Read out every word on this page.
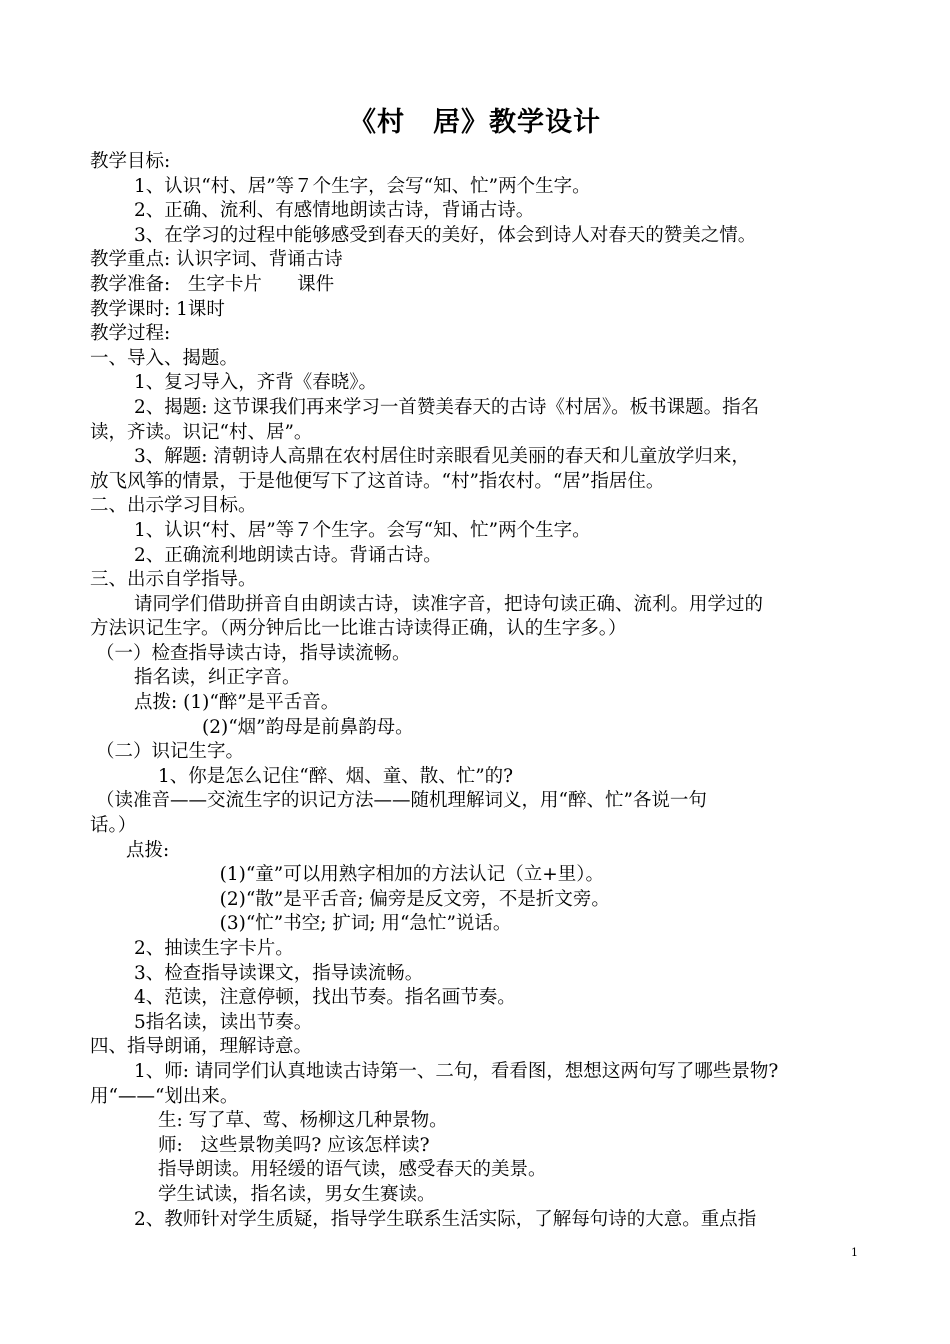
《村　居》教学设计
教学目标:
1、认识“村、居”等７个生字，会写“知、忙”两个生字。
2、正确、流利、有感情地朗读古诗，背诵古诗。
3、在学习的过程中能够感受到春天的美好，体会到诗人对春天的赞美之情。
教学重点: 认识字词、背诵古诗
教学准备:   生字卡片      课件
教学课时: 1课时
教学过程:
一、导入、揭题。
1、复习导入，齐背《春晓》。
2、揭题: 这节课我们再来学习一首赞美春天的古诗《村居》。板书课题。指名
读，齐读。识记“村、居”。
3、解题: 清朝诗人高鼎在农村居住时亲眼看见美丽的春天和儿童放学归来，
放飞风筝的情景，于是他便写下了这首诗。“村”指农村。“居”指居住。
二、出示学习目标。
1、认识“村、居”等７个生字。会写“知、忙”两个生字。
2、正确流利地朗读古诗。背诵古诗。
三、出示自学指导。
请同学们借助拼音自由朗读古诗，读准字音，把诗句读正确、流利。用学过的
方法识记生字。（两分钟后比一比谁古诗读得正确，认的生字多。）
（一）检查指导读古诗，指导读流畅。
指名读，纠正字音。
点拨: (1)“醉”是平舌音。
(2)“烟”韵母是前鼻韵母。
（二）识记生字。
1、你是怎么记住“醉、烟、童、散、忙”的?
（读准音——交流生字的识记方法——随机理解词义，用“醉、忙”各说一句
话。）
点拨:
(1)“童”可以用熟字相加的方法认记（立+里）。
(2)“散”是平舌音; 偏旁是反文旁，不是折文旁。
(3)“忙”书空; 扩词; 用“急忙”说话。
2、抽读生字卡片。
3、检查指导读课文，指导读流畅。
4、范读，注意停顿，找出节奏。指名画节奏。
5指名读，读出节奏。
四、指导朗诵，理解诗意。
1、师: 请同学们认真地读古诗第一、二句，看看图，想想这两句写了哪些景物?
用“——“划出来。
生: 写了草、莺、杨柳这几种景物。
师:   这些景物美吗? 应该怎样读?
指导朗读。用轻缓的语气读，感受春天的美景。
学生试读，指名读，男女生赛读。
2、教师针对学生质疑，指导学生联系生活实际，了解每句诗的大意。重点指
1
